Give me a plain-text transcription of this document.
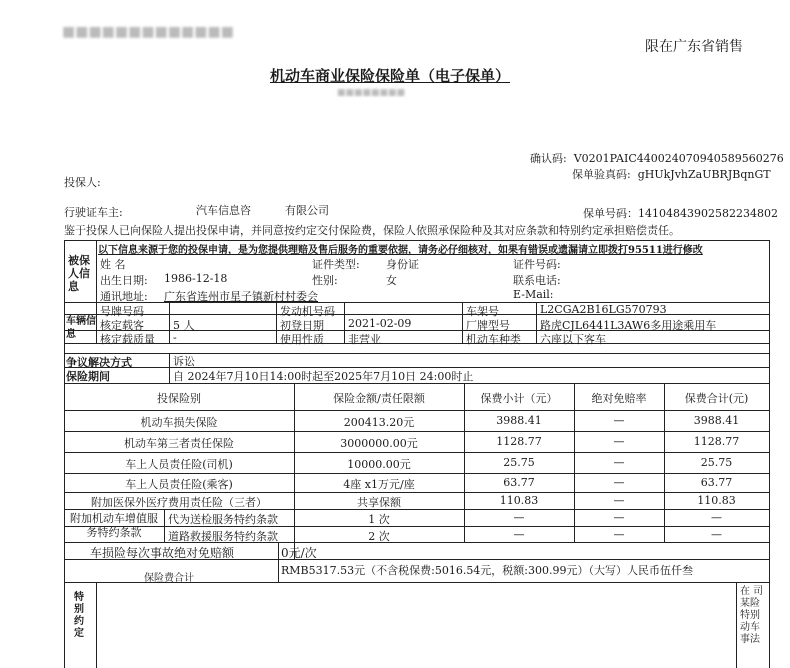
■■■■■■■■■■■■■
限在广东省销售
机动车商业保险保险单（电子保单）
■■■■■■■■
确认码: V0201PAIC440024070940589560276
保单验真码: gHUkJvhZaUBRJBqnGT
投保人:
行驶证车主:	汽车信息咨	有限公司	保单号码：14104843902582234802
鉴于投保人已向保险人提出投保申请，并同意按约定交付保险费，保险人依照承保险种及其对应条款和特别约定承担赔偿责任。
以下信息来源于您的投保申请，是为您提供理赔及售后服务的重要依据，请务必仔细核对，如果有错误或遗漏请立即拨打95511进行修改
被保人信息
姓 名	证件类型: 身份证	证件号码:
出生日期: 1986-12-18	性别:	女	联系电话:
通讯地址: 广东省连州市星子镇新村村委会	E-Mail:
车辆信息
号牌号码	发动机号码	车架号	L2CGA2B16LG570793
核定载客	5 人	初登日期 2021-02-09	厂牌型号	路虎CJL6441L3AW6多用途乘用车
核定载质量 -	使用性质 非营业	机动车种类 六座以下客车
争议解决方式	诉讼
保险期间	自 2024年7月10日14:00时起至2025年7月10日 24:00时止
投保险别	保险金额/责任限额	保费小计（元）	绝对免赔率	保费合计(元)
机动车损失保险	200413.20元	3988.41	—	3988.41
机动车第三者责任保险	3000000.00元	1128.77	—	1128.77
车上人员责任险(司机)	10000.00元	25.75	—	25.75
车上人员责任险(乘客)	4座 x1万元/座	63.77	—	63.77
附加医保外医疗费用责任险（三者）	共享保额	110.83	—	110.83
附加机动车增值服务特约条款
代为送检服务特约条款	1 次	—	—	—
道路救援服务特约条款	2 次	—	—	—
车损险每次事故绝对免赔额	0元/次
保险费合计
RMB5317.53元（不含税保费:5016.54元，税额:300.99元）（大写）人民币伍仟叁
特别约定
在 司 某险 特别 动车 事法
